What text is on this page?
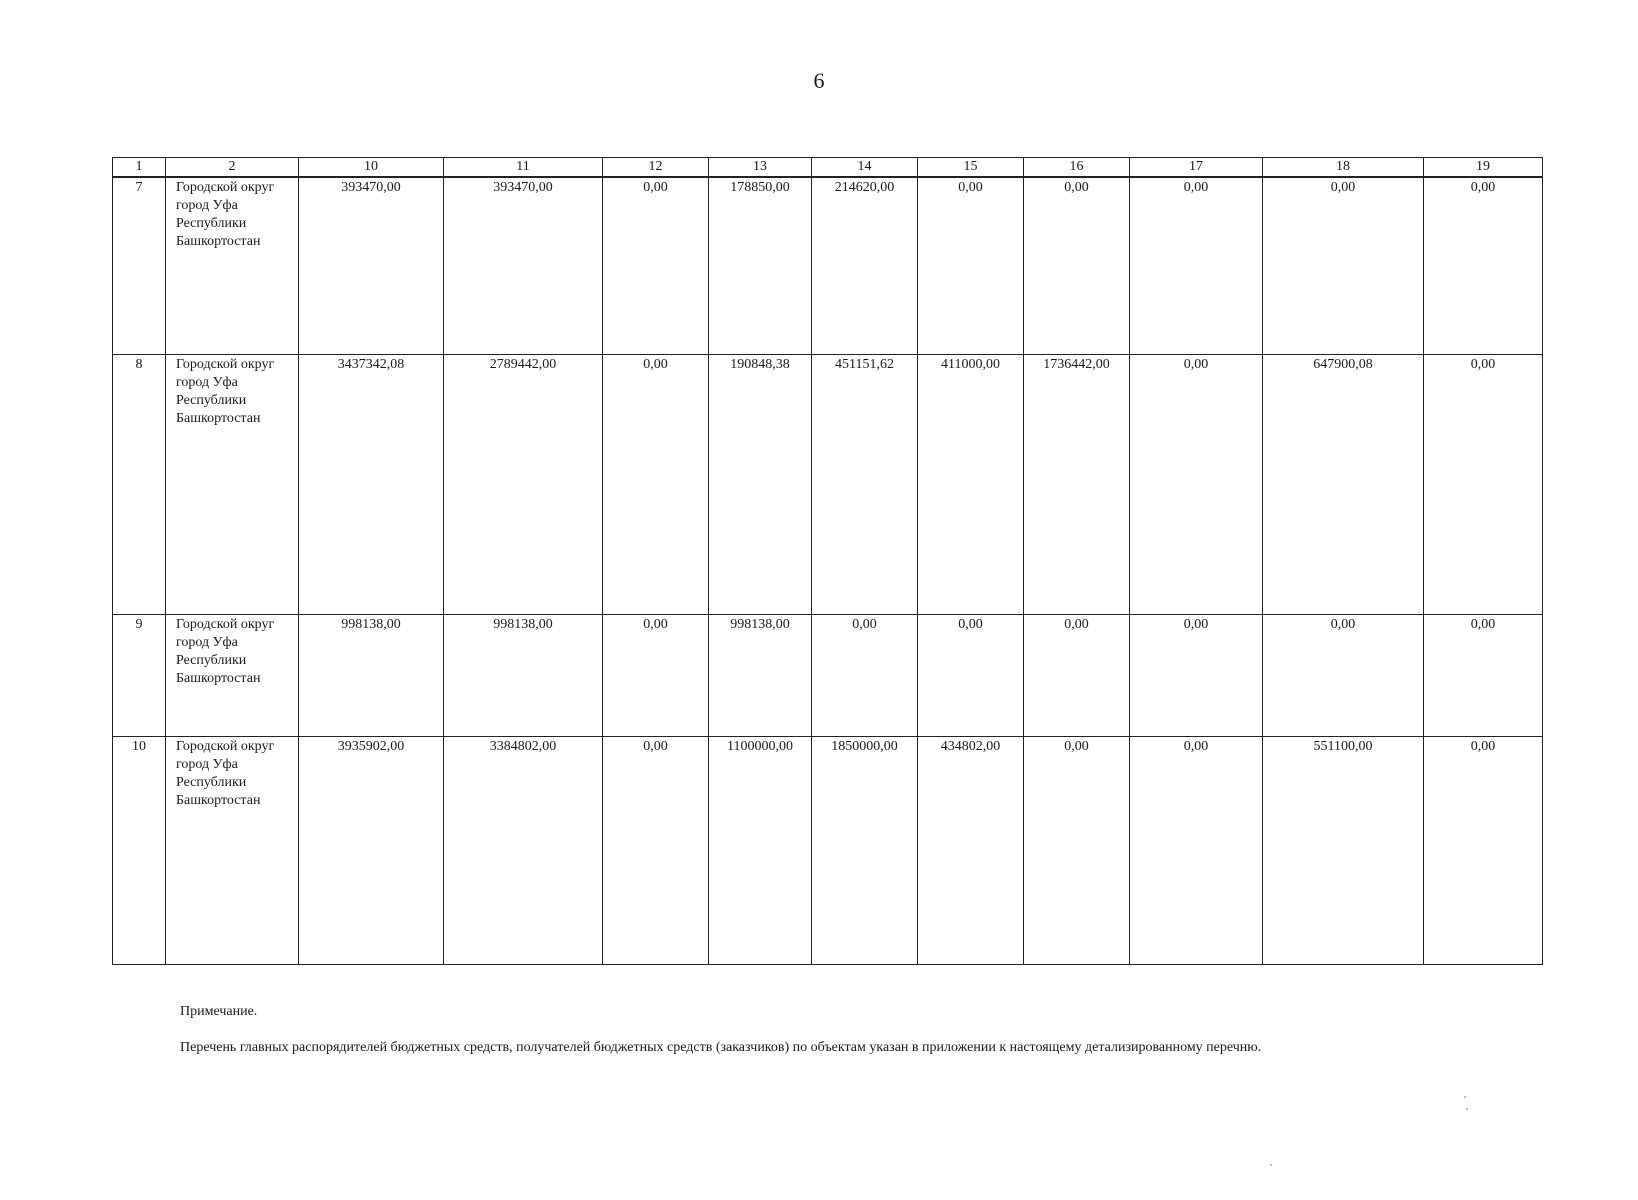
6
1	2	10	11	12	13	14	15	16	17	18	19
7	Городской округ
город Уфа
Республики
Башкортостан	393470,00	393470,00	0,00	178850,00	214620,00	0,00	0,00	0,00	0,00	0,00
8	Городской округ
город Уфа
Республики
Башкортостан	3437342,08	2789442,00	0,00	190848,38	451151,62	411000,00	1736442,00	0,00	647900,08	0,00
9	Городской округ
город Уфа
Республики
Башкортостан	998138,00	998138,00	0,00	998138,00	0,00	0,00	0,00	0,00	0,00	0,00
10	Городской округ
город Уфа
Республики
Башкортостан	3935902,00	3384802,00	0,00	1100000,00	1850000,00	434802,00	0,00	0,00	551100,00	0,00
Примечание.
Перечень главных распорядителей бюджетных средств, получателей бюджетных средств (заказчиков) по объектам указан в приложении к настоящему детализированному перечню.
